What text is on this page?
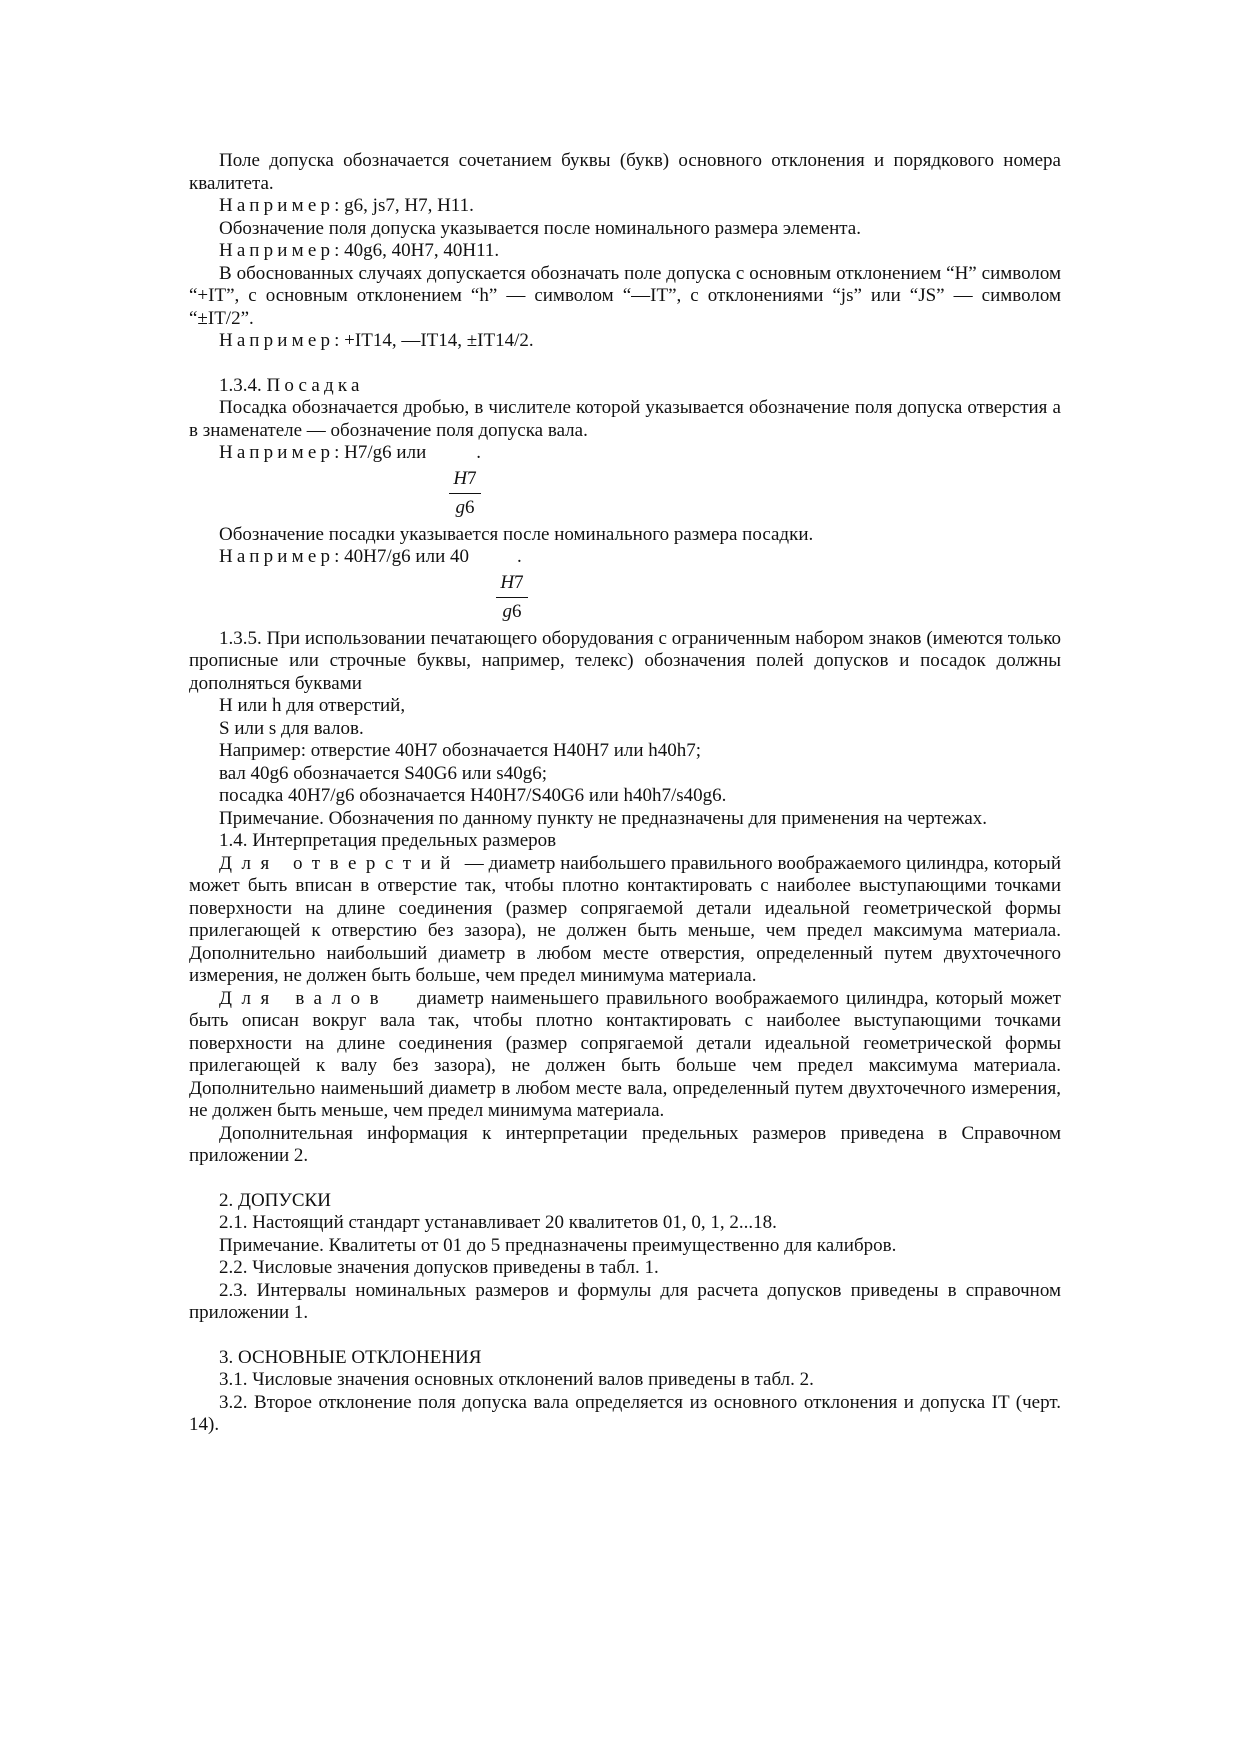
Поле допуска обозначается сочетанием буквы (букв) основного отклонения и порядкового номера квалитета.

Например: g6, js7, H7, H11.

Обозначение поля допуска указывается после номинального размера элемента.

Например: 40g6, 40H7, 40H11.

В обоснованных случаях допускается обозначать поле допуска с основным отклонением “H” символом “+IT”, с основным отклонением “h” — символом “—IT”, с отклонениями “js” или “JS” — символом “±IT/2”.

Например: +IT14, —IT14, ±IT14/2.

1.3.4. Посадка

Посадка обозначается дробью, в числителе которой указывается обозначение поля допуска отверстия а в знаменателе — обозначение поля допуска вала.

Например: H7/g6 или	.

H7
g6

Обозначение посадки указывается после номинального размера посадки.

Например: 40H7/g6 или 40	.

H7
g6

1.3.5. При использовании печатающего оборудования с ограниченным набором знаков (имеются только прописные или строчные буквы, например, телекс) обозначения полей допусков и посадок должны дополняться буквами

H или h для отверстий,

S или s для валов.

Например: отверстие 40H7 обозначается H40H7 или h40h7;

вал 40g6 обозначается S40G6 или s40g6;

посадка 40H7/g6 обозначается H40H7/S40G6 или h40h7/s40g6.

Примечание. Обозначения по данному пункту не предназначены для применения на чертежах.

1.4. Интерпретация предельных размеров

Для отверстий — диаметр наибольшего правильного воображаемого цилиндра, который может быть вписан в отверстие так, чтобы плотно контактировать с наиболее выступающими точками поверхности на длине соединения (размер сопрягаемой детали идеальной геометрической формы прилегающей к отверстию без зазора), не должен быть меньше, чем предел максимума материала. Дополнительно наибольший диаметр в любом месте отверстия, определенный путем двухточечного измерения, не должен быть больше, чем предел минимума материала.

Для валов диаметр наименьшего правильного воображаемого цилиндра, который может быть описан вокруг вала так, чтобы плотно контактировать с наиболее выступающими точками поверхности на длине соединения (размер сопрягаемой детали идеальной геометрической формы прилегающей к валу без зазора), не должен быть больше чем предел максимума материала. Дополнительно наименьший диаметр в любом месте вала, определенный путем двухточечного измерения, не должен быть меньше, чем предел минимума материала.

Дополнительная информация к интерпретации предельных размеров приведена в Справочном приложении 2.

2. ДОПУСКИ

2.1. Настоящий стандарт устанавливает 20 квалитетов 01, 0, 1, 2...18.

Примечание. Квалитеты от 01 до 5 предназначены преимущественно для калибров.

2.2. Числовые значения допусков приведены в табл. 1.

2.3. Интервалы номинальных размеров и формулы для расчета допусков приведены в справочном приложении 1.

3. ОСНОВНЫЕ ОТКЛОНЕНИЯ

3.1. Числовые значения основных отклонений валов приведены в табл. 2.

3.2. Второе отклонение поля допуска вала определяется из основного отклонения и допуска IT (черт. 14).
